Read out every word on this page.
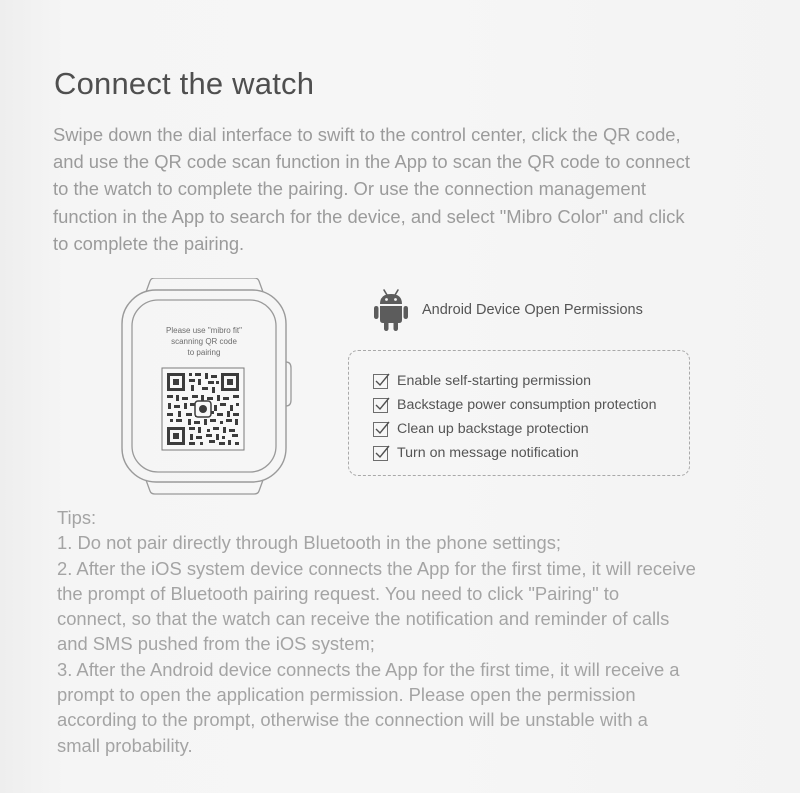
Connect the watch

Swipe down the dial interface to swift to the control center, click the QR code,

and use the QR code scan function in the App to scan the QR code to connect

to the watch to complete the pairing. Or use the connection management

function in the App to search for the device, and select "Mibro Color" and click

to complete the pairing.

Please use "mibro fit"
scanning QR code
to pairing
Android Device Open Permissions
Enable self-starting permission
Backstage power consumption protection
Clean up backstage protection
Turn on message notification

Tips:

1. Do not pair directly through Bluetooth in the phone settings;

2. After the iOS system device connects the App for the first time, it will receive

the prompt of Bluetooth pairing request. You need to click "Pairing" to

connect, so that the watch can receive the notification and reminder of calls

and SMS pushed from the iOS system;

3. After the Android device connects the App for the first time, it will receive a

prompt to open the application permission. Please open the permission

according to the prompt, otherwise the connection will be unstable with a

small probability.
